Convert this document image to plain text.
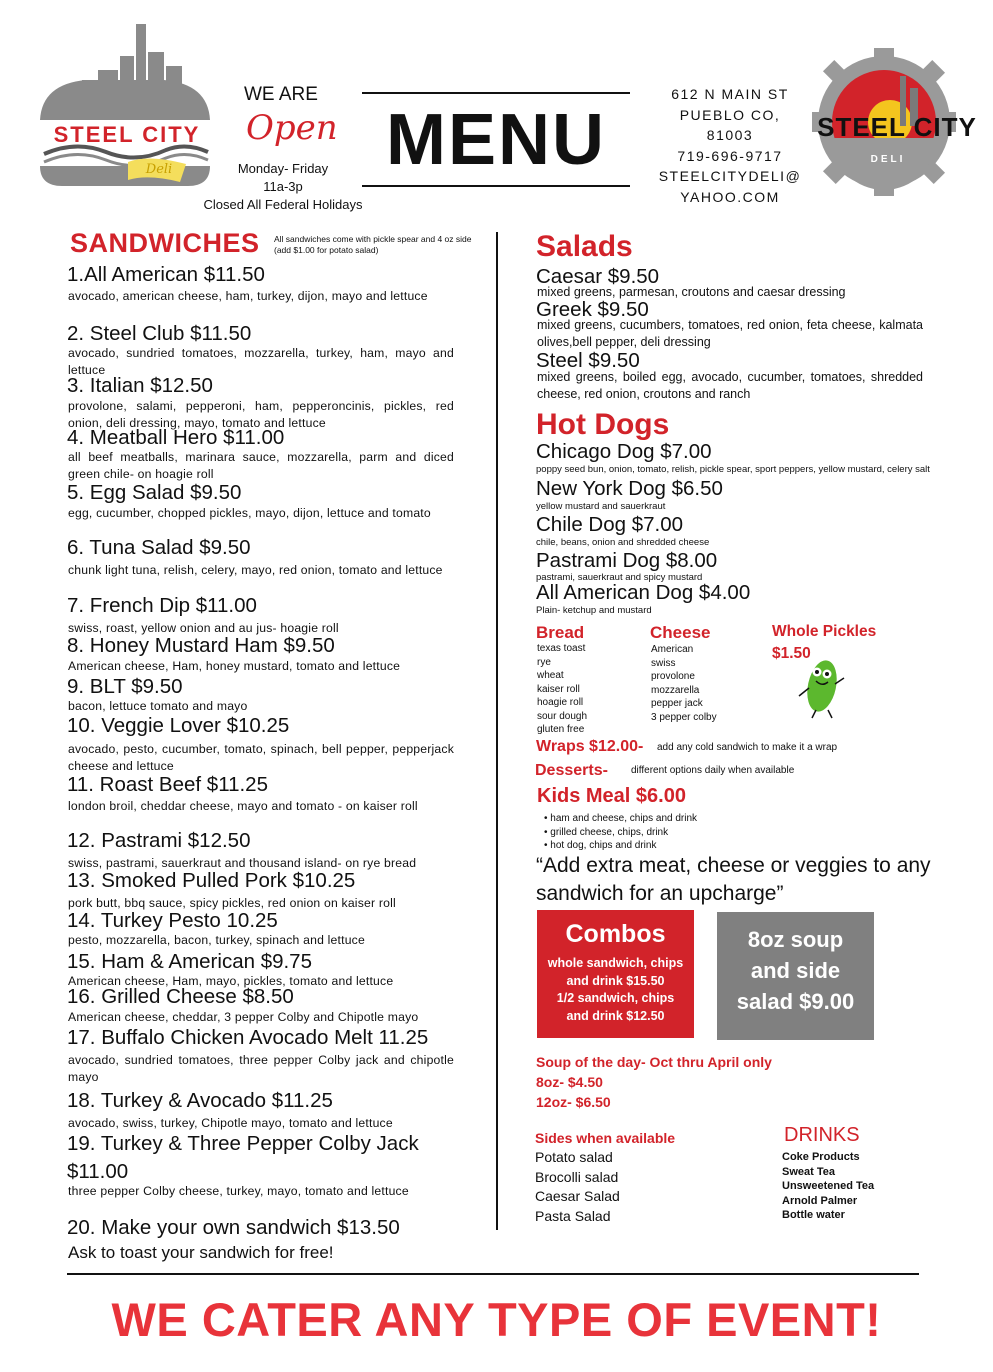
STEEL CITY
Deli
WE ARE
Open
Monday- Friday
11a-3p
Closed All Federal Holidays
MENU
612 N MAIN ST
PUEBLO CO,
81003
719-696-9717
STEELCITYDELI@
YAHOO.COM
STEEL CITY
DELI
SANDWICHES All sandwiches come with pickle spear and 4 oz side (add $1.00 for potato salad)
1.All American $11.50
avocado, american cheese, ham, turkey, dijon, mayo and lettuce
2. Steel Club $11.50
avocado, sundried tomatoes, mozzarella, turkey, ham, mayo and lettuce
3. Italian $12.50
provolone, salami, pepperoni, ham, pepperoncinis, pickles, red onion, deli dressing, mayo, tomato and lettuce
4. Meatball Hero $11.00
all beef meatballs, marinara sauce, mozzarella, parm and diced green chile- on hoagie roll
5. Egg Salad $9.50
egg, cucumber, chopped pickles, mayo, dijon, lettuce and tomato
6. Tuna Salad $9.50
chunk light tuna, relish, celery, mayo, red onion, tomato and lettuce
7. French Dip $11.00
swiss, roast, yellow onion and au jus- hoagie roll
8. Honey Mustard Ham $9.50
American cheese, Ham, honey mustard, tomato and lettuce
9. BLT $9.50
bacon, lettuce tomato and mayo
10. Veggie Lover $10.25
avocado, pesto, cucumber, tomato, spinach, bell pepper, pepperjack cheese and lettuce
11. Roast Beef $11.25
london broil, cheddar cheese, mayo and tomato - on kaiser roll
12. Pastrami $12.50
swiss, pastrami, sauerkraut and thousand island- on rye bread
13. Smoked Pulled Pork $10.25
pork butt, bbq sauce, spicy pickles, red onion on kaiser roll
14. Turkey Pesto 10.25
pesto, mozzarella, bacon, turkey, spinach and lettuce
15. Ham & American $9.75
American cheese, Ham, mayo, pickles, tomato and lettuce
16. Grilled Cheese $8.50
American cheese, cheddar, 3 pepper Colby and Chipotle mayo
17. Buffalo Chicken Avocado Melt 11.25
avocado, sundried tomatoes, three pepper Colby jack and chipotle mayo
18. Turkey & Avocado $11.25
avocado, swiss, turkey, Chipotle mayo, tomato and lettuce
19. Turkey & Three Pepper Colby Jack
$11.00
three pepper Colby cheese, turkey, mayo, tomato and lettuce
20. Make your own sandwich $13.50
Ask to toast your sandwich for free!
Salads
Caesar $9.50
mixed greens, parmesan, croutons and caesar dressing
Greek $9.50
mixed greens, cucumbers, tomatoes, red onion, feta cheese, kalmata olives,bell pepper, deli dressing
Steel $9.50
mixed greens, boiled egg, avocado, cucumber, tomatoes, shredded cheese, red onion, croutons and ranch
Hot Dogs
Chicago Dog $7.00
poppy seed bun, onion, tomato, relish, pickle spear, sport peppers, yellow mustard, celery salt
New York Dog $6.50
yellow mustard and sauerkraut
Chile Dog $7.00
chile, beans, onion and shredded cheese
Pastrami Dog $8.00
pastrami, sauerkraut and spicy mustard
All American Dog $4.00
Plain- ketchup and mustard
Bread
texas toast
rye
wheat
kaiser roll
hoagie roll
sour dough
gluten free
Cheese
American
swiss
provolone
mozzarella
pepper jack
3 pepper colby
Whole Pickles
$1.50
Wraps $12.00- add any cold sandwich to make it a wrap
Desserts- different options daily when available
Kids Meal $6.00
• ham and cheese, chips and drink
• grilled cheese, chips, drink
• hot dog, chips and drink
“Add extra meat, cheese or veggies to any sandwich for an upcharge”
Combos
whole sandwich, chips
and drink $15.50
1/2 sandwich, chips
and drink $12.50
8oz soup
and side
salad $9.00
Soup of the day- Oct thru April only
8oz- $4.50
12oz- $6.50
Sides when available
Potato salad
Brocolli salad
Caesar Salad
Pasta Salad
DRINKS
Coke Products
Sweat Tea
Unsweetened Tea
Arnold Palmer
Bottle water
WE CATER ANY TYPE OF EVENT!
